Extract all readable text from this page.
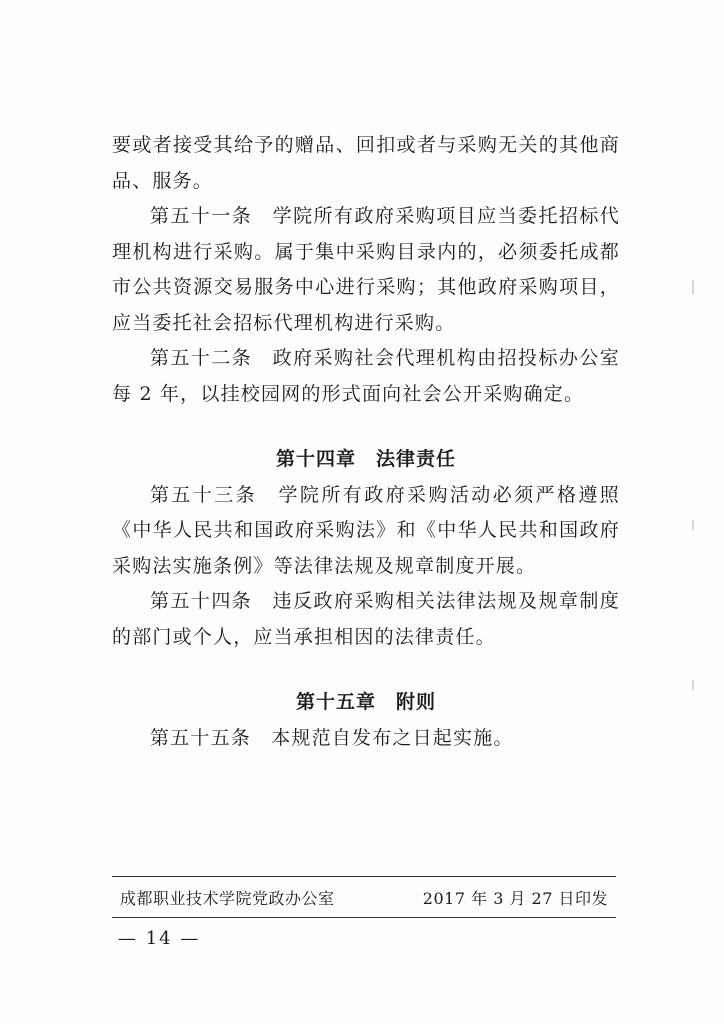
要或者接受其给予的赠品、回扣或者与采购无关的其他商品、服务。

第五十一条　学院所有政府采购项目应当委托招标代理机构进行采购。属于集中采购目录内的，必须委托成都市公共资源交易服务中心进行采购；其他政府采购项目，应当委托社会招标代理机构进行采购。

第五十二条　政府采购社会代理机构由招投标办公室每 2 年，以挂校园网的形式面向社会公开采购确定。

第十四章 法律责任

第五十三条　学院所有政府采购活动必须严格遵照《中华人民共和国政府采购法》和《中华人民共和国政府采购法实施条例》等法律法规及规章制度开展。

第五十四条　违反政府采购相关法律法规及规章制度的部门或个人，应当承担相因的法律责任。

第十五章 附则

第五十五条　本规范自发布之日起实施。

成都职业技术学院党政办公室	2017 年 3 月 27 日印发
— 14 —
